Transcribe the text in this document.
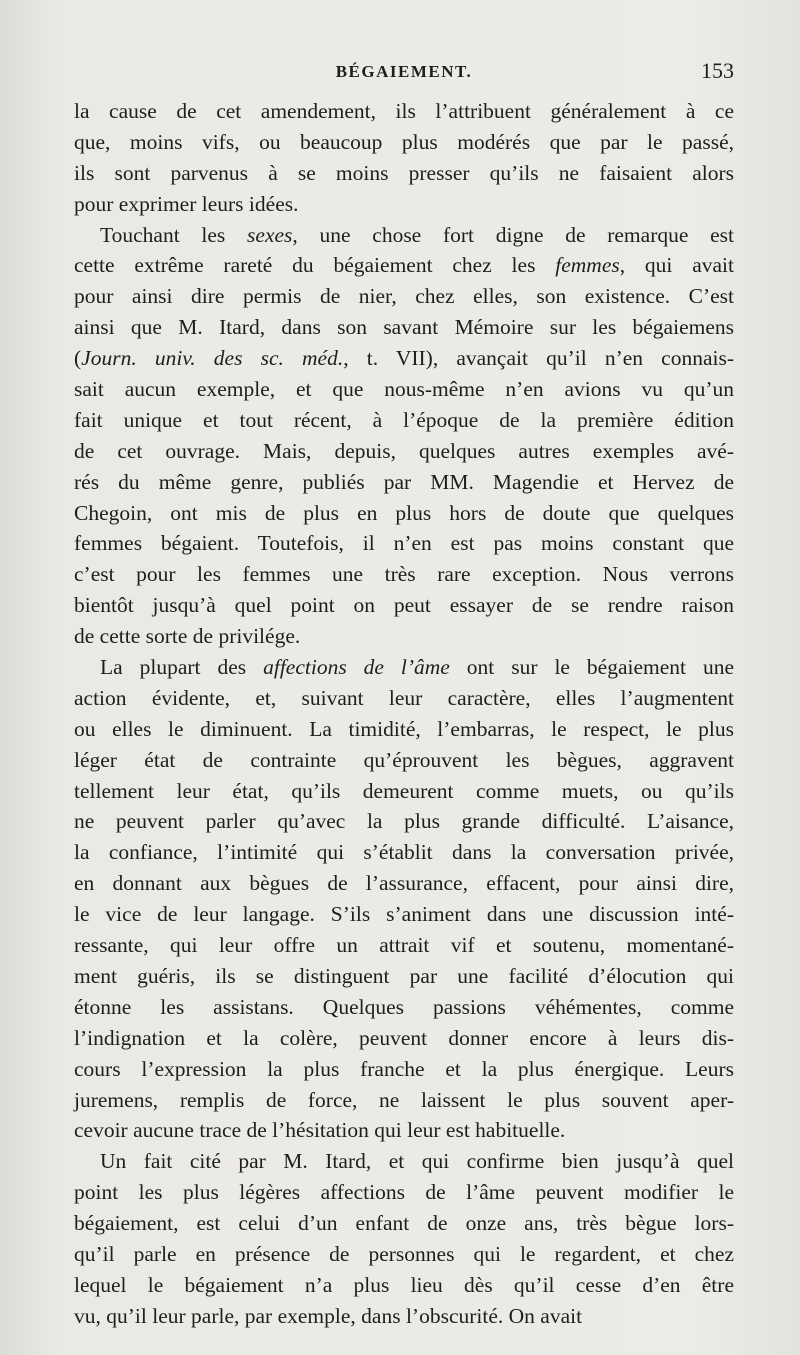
BÉGAIEMENT.	153
la cause de cet amendement, ils l’attribuent généralement à ce
que, moins vifs, ou beaucoup plus modérés que par le passé,
ils sont parvenus à se moins presser qu’ils ne faisaient alors
pour exprimer leurs idées.
Touchant les sexes, une chose fort digne de remarque est
cette extrême rareté du bégaiement chez les femmes, qui avait
pour ainsi dire permis de nier, chez elles, son existence. C’est
ainsi que M. Itard, dans son savant Mémoire sur les bégaiemens
(Journ. univ. des sc. méd., t. VII), avançait qu’il n’en connais-
sait aucun exemple, et que nous-même n’en avions vu qu’un
fait unique et tout récent, à l’époque de la première édition
de cet ouvrage. Mais, depuis, quelques autres exemples avé-
rés du même genre, publiés par MM. Magendie et Hervez de
Chegoin, ont mis de plus en plus hors de doute que quelques
femmes bégaient. Toutefois, il n’en est pas moins constant que
c’est pour les femmes une très rare exception. Nous verrons
bientôt jusqu’à quel point on peut essayer de se rendre raison
de cette sorte de privilége.
La plupart des affections de l’âme ont sur le bégaiement une
action évidente, et, suivant leur caractère, elles l’augmentent
ou elles le diminuent. La timidité, l’embarras, le respect, le plus
léger état de contrainte qu’éprouvent les bègues, aggravent
tellement leur état, qu’ils demeurent comme muets, ou qu’ils
ne peuvent parler qu’avec la plus grande difficulté. L’aisance,
la confiance, l’intimité qui s’établit dans la conversation privée,
en donnant aux bègues de l’assurance, effacent, pour ainsi dire,
le vice de leur langage. S’ils s’animent dans une discussion inté-
ressante, qui leur offre un attrait vif et soutenu, momentané-
ment guéris, ils se distinguent par une facilité d’élocution qui
étonne les assistans. Quelques passions véhémentes, comme
l’indignation et la colère, peuvent donner encore à leurs dis-
cours l’expression la plus franche et la plus énergique. Leurs
juremens, remplis de force, ne laissent le plus souvent aper-
cevoir aucune trace de l’hésitation qui leur est habituelle.
Un fait cité par M. Itard, et qui confirme bien jusqu’à quel
point les plus légères affections de l’âme peuvent modifier le
bégaiement, est celui d’un enfant de onze ans, très bègue lors-
qu’il parle en présence de personnes qui le regardent, et chez
lequel le bégaiement n’a plus lieu dès qu’il cesse d’en être
vu, qu’il leur parle, par exemple, dans l’obscurité. On avait
